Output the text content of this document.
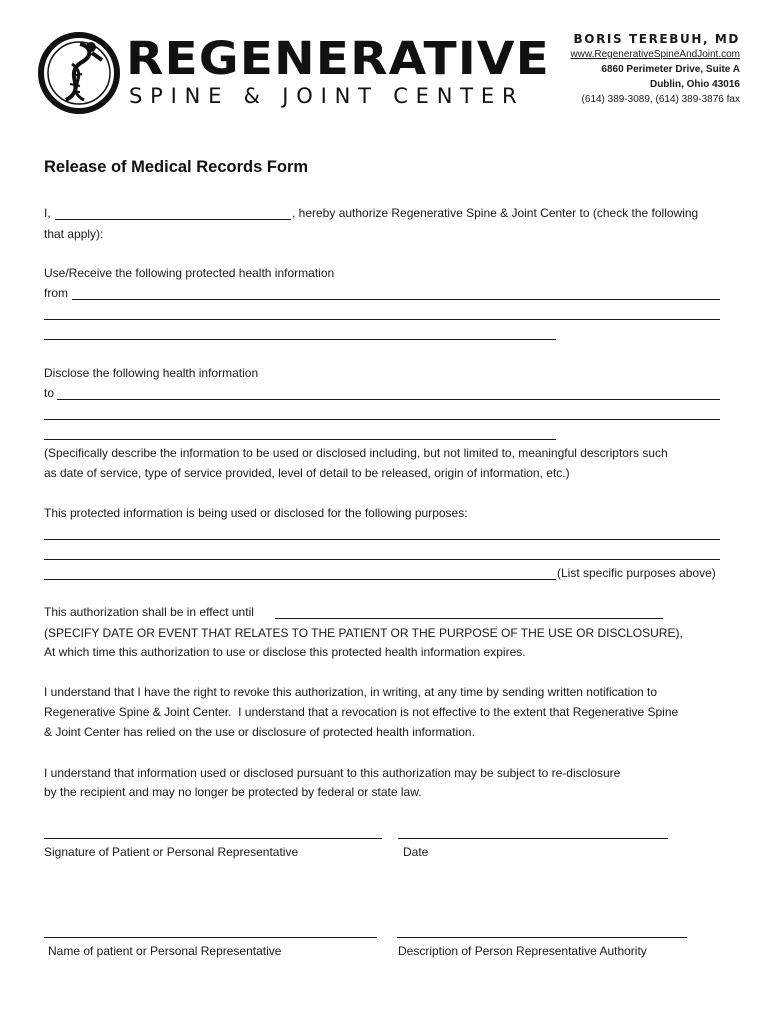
REGENERATIVE
SPINE & JOINT CENTER
BORIS TEREBUH, MD
www.RegenerativeSpineAndJoint.com
6860 Perimeter Drive, Suite A
Dublin, Ohio 43016
(614) 389-3089, (614) 389-3876 fax
Release of Medical Records Form
I,	, hereby authorize Regenerative Spine & Joint Center to (check the following
that apply):
Use/Receive the following protected health information
from
Disclose the following health information
to
(Specifically describe the information to be used or disclosed including, but not limited to, meaningful descriptors such
as date of service, type of service provided, level of detail to be released, origin of information, etc.)
This protected information is being used or disclosed for the following purposes:
(List specific purposes above)
This authorization shall be in effect until
(SPECIFY DATE OR EVENT THAT RELATES TO THE PATIENT OR THE PURPOSE OF THE USE OR DISCLOSURE),
At which time this authorization to use or disclose this protected health information expires.
I understand that I have the right to revoke this authorization, in writing, at any time by sending written notification to
Regenerative Spine & Joint Center.  I understand that a revocation is not effective to the extent that Regenerative Spine
& Joint Center has relied on the use or disclosure of protected health information.
I understand that information used or disclosed pursuant to this authorization may be subject to re-disclosure
by the recipient and may no longer be protected by federal or state law.
Signature of Patient or Personal Representative	Date
Name of patient or Personal Representative	Description of Person Representative Authority
